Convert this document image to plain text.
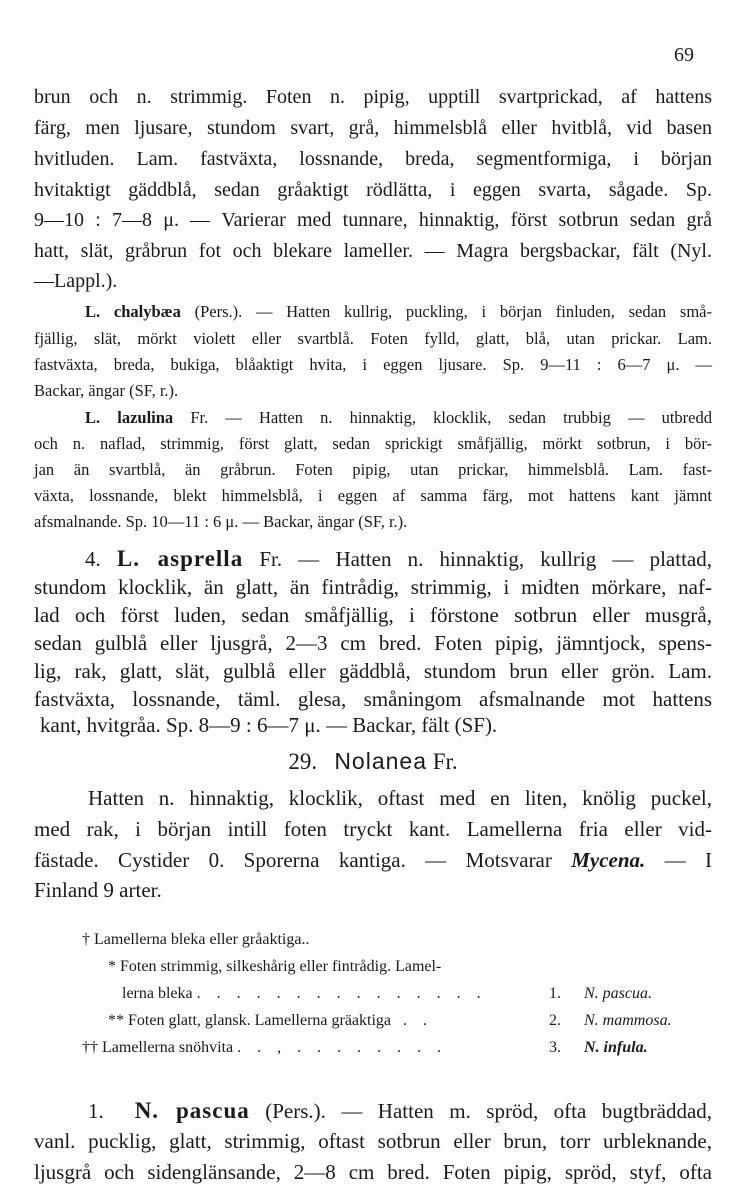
69
brun och n. strimmig. Foten n. pipig, upptill svartprickad, af hattens
färg, men ljusare, stundom svart, grå, himmelsblå eller hvitblå, vid basen
hvitluden. Lam. fastväxta, lossnande, breda, segmentformiga, i början
hvitaktigt gäddblå, sedan gråaktigt rödlätta, i eggen svarta, sågade. Sp.
9—10 : 7—8 μ. — Varierar med tunnare, hinnaktig, först sotbrun sedan grå
hatt, slät, gråbrun fot och blekare lameller. — Magra bergsbackar, fält (Nyl.
—Lappl.).
L. chalybæa (Pers.). — Hatten kullrig, puckling, i början finluden, sedan små-
fjällig, slät, mörkt violett eller svartblå. Foten fylld, glatt, blå, utan prickar. Lam.
fastväxta, breda, bukiga, blåaktigt hvita, i eggen ljusare. Sp. 9—11 : 6—7 μ. —
Backar, ängar (SF, r.).
L. lazulina Fr. — Hatten n. hinnaktig, klocklik, sedan trubbig — utbredd
och n. naflad, strimmig, först glatt, sedan sprickigt småfjällig, mörkt sotbrun, i bör-
jan än svartblå, än gråbrun. Foten pipig, utan prickar, himmelsblå. Lam. fast-
växta, lossnande, blekt himmelsblå, i eggen af samma färg, mot hattens kant jämnt
afsmalnande. Sp. 10—11 : 6 μ. — Backar, ängar (SF, r.).
4. L. asprella Fr. — Hatten n. hinnaktig, kullrig — plattad,
stundom klocklik, än glatt, än fintrådig, strimmig, i midten mörkare, naf-
lad och först luden, sedan småfjällig, i förstone sotbrun eller musgrå,
sedan gulblå eller ljusgrå, 2—3 cm bred. Foten pipig, jämntjock, spens-
lig, rak, glatt, slät, gulblå eller gäddblå, stundom brun eller grön. Lam.
fastväxta, lossnande, täml. glesa, småningom afsmalnande mot hattens
29. Nolanea Fr.
Hatten n. hinnaktig, klocklik, oftast med en liten, knölig puckel,
med rak, i början intill foten tryckt kant. Lamellerna fria eller vid-
fästade. Cystider 0. Sporerna kantiga. — Motsvarar Mycena. — I
Finland 9 arter.
† Lamellerna bleka eller gråaktiga..
* Foten strimmig, silkeshårig eller fintrådig. Lamel-
lerna bleka . . . . . . . . . . . . . . .	1. N. pascua.
** Foten glatt, glansk. Lamellerna gräaktiga . .	2. N. mammosa.
†† Lamellerna snöhvita . . , . . . . . . . .	3. N. infula.
1. N. pascua (Pers.). — Hatten m. spröd, ofta bugtbräddad,
vanl. pucklig, glatt, strimmig, oftast sotbrun eller brun, torr urbleknande,
ljusgrå och sidenglänsande, 2—8 cm bred. Foten pipig, spröd, styf, ofta
kant, hvitgråa. Sp. 8—9 : 6—7 μ. — Backar, fält (SF).
